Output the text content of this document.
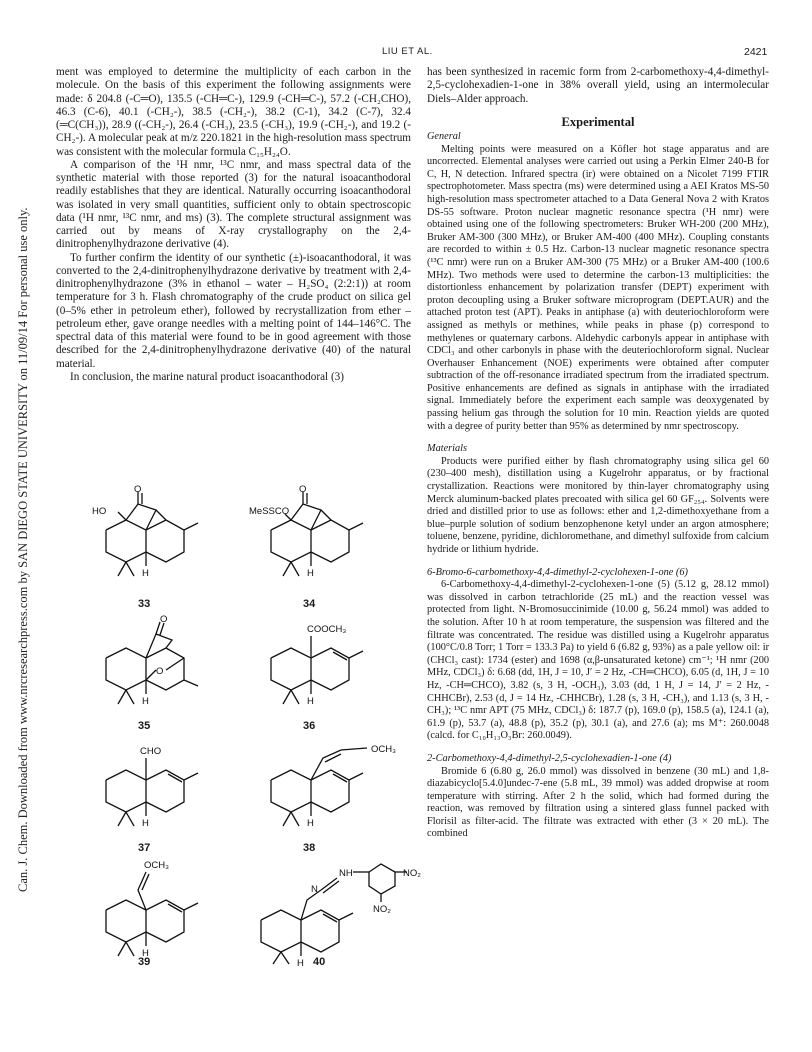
Can. J. Chem. Downloaded from www.nrcresearchpress.com by SAN DIEGO STATE UNIVERSITY on 11/09/14 For personal use only.
LIU ET AL.	2421

ment was employed to determine the multiplicity of each carbon in the molecule. On the basis of this experiment the following assignments were made: δ 204.8 (-C═O), 135.5 (-CH═C-), 129.9 (-CH═C-), 57.2 (-CH₂CHO), 46.3 (C-6), 40.1 (-CH₂-), 38.5 (-CH₂-), 38.2 (C-1), 34.2 (C-7), 32.4 (═C(CH₃)), 28.9 ((-CH₂-), 26.4 (-CH₃), 23.5 (-CH₃), 19.9 (-CH₂-), and 19.2 (-CH₂-). A molecular peak at m/z 220.1821 in the high-resolution mass spectrum was consistent with the molecular formula C₁₅H₂₄O.

A comparison of the ¹H nmr, ¹³C nmr, and mass spectral data of the synthetic material with those reported (3) for the natural isoacanthodoral readily establishes that they are identical. Naturally occurring isoacanthodoral was isolated in very small quantities, sufficient only to obtain spectroscopic data (¹H nmr, ¹³C nmr, and ms) (3). The complete structural assignment was carried out by means of X-ray crystallography on the 2,4-dinitrophenylhydrazone derivative (4).

To further confirm the identity of our synthetic (±)-isoacanthodoral, it was converted to the 2,4-dinitrophenylhydrazone derivative by treatment with 2,4-dinitrophenylhydrazone (3% in ethanol – water – H₂SO₄ (2:2:1)) at room temperature for 3 h. Flash chromatography of the crude product on silica gel (0–5% ether in petroleum ether), followed by recrystallization from ether – petroleum ether, gave orange needles with a melting point of 144–146°C. The spectral data of this material were found to be in good agreement with those described for the 2,4-dinitrophenylhydrazone derivative (40) of the natural material.

In conclusion, the marine natural product isoacanthodoral (3)

has been synthesized in racemic form from 2-carbomethoxy-4,4-dimethyl-2,5-cyclohexadien-1-one in 38% overall yield, using an intermolecular Diels–Alder approach.

Experimental
General

Melting points were measured on a Köfler hot stage apparatus and are uncorrected. Elemental analyses were carried out using a Perkin Elmer 240-B for C, H, N detection. Infrared spectra (ir) were obtained on a Nicolet 7199 FTIR spectrophotometer. Mass spectra (ms) were determined using a AEI Kratos MS-50 high-resolution mass spectrometer attached to a Data General Nova 2 with Kratos DS-55 software. Proton nuclear magnetic resonance spectra (¹H nmr) were obtained using one of the following spectrometers: Bruker WH-200 (200 MHz), Bruker AM-300 (300 MHz), or Bruker AM-400 (400 MHz). Coupling constants are recorded to within ± 0.5 Hz. Carbon-13 nuclear magnetic resonance spectra (¹³C nmr) were run on a Bruker AM-300 (75 MHz) or a Bruker AM-400 (100.6 MHz). Two methods were used to determine the carbon-13 multiplicities: the distortionless enhancement by polarization transfer (DEPT) experiment with proton decoupling using a Bruker software microprogram (DEPT.AUR) and the attached proton test (APT). Peaks in antiphase (a) with deuteriochloroform were assigned as methyls or methines, while peaks in phase (p) correspond to methylenes or quaternary carbons. Aldehydic carbonyls appear in antiphase with CDCl₃ and other carbonyls in phase with the deuteriochloroform signal. Nuclear Overhauser Enhancement (NOE) experiments were obtained after computer subtraction of the off-resonance irradiated spectrum from the irradiated spectrum. Positive enhancements are defined as signals in antiphase with the irradiated signal. Immediately before the experiment each sample was deoxygenated by passing helium gas through the solution for 10 min. Reaction yields are quoted with a degree of purity better than 95% as determined by nmr spectroscopy.

Materials

Products were purified either by flash chromatography using silica gel 60 (230–400 mesh), distillation using a Kugelrohr apparatus, or by fractional crystallization. Reactions were monitored by thin-layer chromatography using Merck aluminum-backed plates precoated with silica gel 60 GF₂₅₄. Solvents were dried and distilled prior to use as follows: ether and 1,2-dimethoxyethane from a blue–purple solution of sodium benzophenone ketyl under an argon atmosphere; toluene, benzene, pyridine, dichloromethane, and dimethyl sulfoxide from calcium hydride or lithium hydride.

6-Bromo-6-carbomethoxy-4,4-dimethyl-2-cyclohexen-1-one (6)

6-Carbomethoxy-4,4-dimethyl-2-cyclohexen-1-one (5) (5.12 g, 28.12 mmol) was dissolved in carbon tetrachloride (25 mL) and the reaction vessel was protected from light. N-Bromosuccinimide (10.00 g, 56.24 mmol) was added to the solution. After 10 h at room temperature, the suspension was filtered and the filtrate was concentrated. The residue was distilled using a Kugelrohr apparatus (100°C/0.8 Torr; 1 Torr = 133.3 Pa) to yield 6 (6.82 g, 93%) as a pale yellow oil: ir (CHCl₃ cast): 1734 (ester) and 1698 (α,β-unsaturated ketone) cm⁻¹; ¹H nmr (200 MHz, CDCl₃) δ: 6.68 (dd, 1H, J = 10, J′ = 2 Hz, -CH═CHCO), 6.05 (d, 1H, J = 10 Hz, -CH═CHCO), 3.82 (s, 3 H, -OCH₃), 3.03 (dd, 1 H, J = 14, J′ = 2 Hz, -CHHCBr), 2.53 (d, J = 14 Hz, -CHHCBr), 1.28 (s, 3 H, -CH₃), and 1.13 (s, 3 H, -CH₃); ¹³C nmr APT (75 MHz, CDCl₃) δ: 187.7 (p), 169.0 (p), 158.5 (a), 124.1 (a), 61.9 (p), 53.7 (a), 48.8 (p), 35.2 (p), 30.1 (a), and 27.6 (a); ms M⁺: 260.0048 (calcd. for C₁₀H₁₃O₃Br: 260.0049).

2-Carbomethoxy-4,4-dimethyl-2,5-cyclohexadien-1-one (4)

Bromide 6 (6.80 g, 26.0 mmol) was dissolved in benzene (30 mL) and 1,8-diazabicyclo[5.4.0]undec-7-ene (5.8 mL, 39 mmol) was added dropwise at room temperature with stirring. After 2 h the solid, which had formed during the reaction, was removed by filtration using a sintered glass funnel packed with Florisil as filter-acid. The filtrate was extracted with ether (3 × 20 mL). The combined

HO
O
H
33
MeSSCO
O
H
34
O
O
H
35
COOCH₃
H
36
CHO
H
37
OCH₃
H
38
OCH₃
H
39
N
NH	NO₂
NO₂
H 40
